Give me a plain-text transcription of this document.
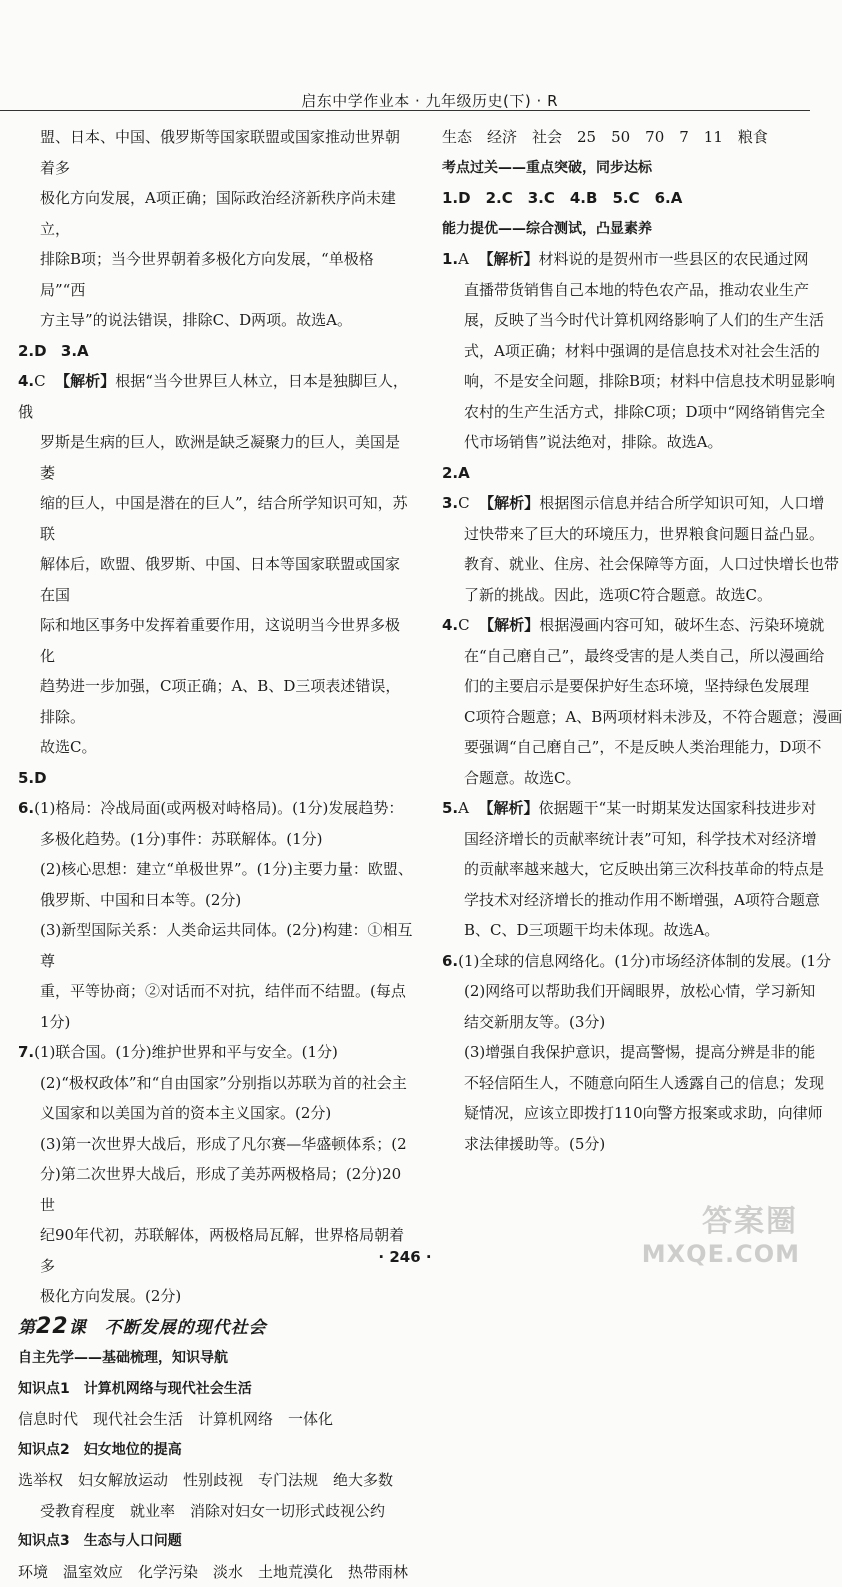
启东中学作业本 · 九年级历史(下) · R

盟、日本、中国、俄罗斯等国家联盟或国家推动世界朝着多

极化方向发展，A项正确；国际政治经济新秩序尚未建立，

排除B项；当今世界朝着多极化方向发展，“单极格局”“西

方主导”的说法错误，排除C、D两项。故选A。

2.D 3.A

4.C 【解析】根据“当今世界巨人林立，日本是独脚巨人，俄

罗斯是生病的巨人，欧洲是缺乏凝聚力的巨人，美国是萎

缩的巨人，中国是潜在的巨人”，结合所学知识可知，苏联

解体后，欧盟、俄罗斯、中国、日本等国家联盟或国家在国

际和地区事务中发挥着重要作用，这说明当今世界多极化

趋势进一步加强，C项正确；A、B、D三项表述错误，排除。

故选C。

5.D

6.(1)格局：冷战局面(或两极对峙格局)。(1分)发展趋势：

多极化趋势。(1分)事件：苏联解体。(1分)

(2)核心思想：建立“单极世界”。(1分)主要力量：欧盟、

俄罗斯、中国和日本等。(2分)

(3)新型国际关系：人类命运共同体。(2分)构建：①相互尊

重，平等协商；②对话而不对抗，结伴而不结盟。(每点1分)

7.(1)联合国。(1分)维护世界和平与安全。(1分)

(2)“极权政体”和“自由国家”分别指以苏联为首的社会主

义国家和以美国为首的资本主义国家。(2分)

(3)第一次世界大战后，形成了凡尔赛—华盛顿体系；(2

分)第二次世界大战后，形成了美苏两极格局；(2分)20世

纪90年代初，苏联解体，两极格局瓦解，世界格局朝着多

极化方向发展。(2分)

第22课　不断发展的现代社会

自主先学——基础梳理，知识导航

知识点1　计算机网络与现代社会生活

信息时代　现代社会生活　计算机网络　一体化

知识点2　妇女地位的提高

选举权　妇女解放运动　性别歧视　专门法规　绝大多数

受教育程度　就业率　消除对妇女一切形式歧视公约

知识点3　生态与人口问题

环境　温室效应　化学污染　淡水　土地荒漠化　热带雨林

生态　经济　社会　25　50　70　7　11　粮食

考点过关——重点突破，同步达标

1.D　2.C　3.C　4.B　5.C　6.A

能力提优——综合测试，凸显素养

1.A 【解析】材料说的是贺州市一些县区的农民通过网

直播带货销售自己本地的特色农产品，推动农业生产

展，反映了当今时代计算机网络影响了人们的生产生活

式，A项正确；材料中强调的是信息技术对社会生活的

响，不是安全问题，排除B项；材料中信息技术明显影响

农村的生产生活方式，排除C项；D项中“网络销售完全

代市场销售”说法绝对，排除。故选A。

2.A

3.C 【解析】根据图示信息并结合所学知识可知，人口增

过快带来了巨大的环境压力，世界粮食问题日益凸显。

教育、就业、住房、社会保障等方面，人口过快增长也带

了新的挑战。因此，选项C符合题意。故选C。

4.C 【解析】根据漫画内容可知，破坏生态、污染环境就

在“自己磨自己”，最终受害的是人类自己，所以漫画给

们的主要启示是要保护好生态环境，坚持绿色发展理

C项符合题意；A、B两项材料未涉及，不符合题意；漫画

要强调“自己磨自己”，不是反映人类治理能力，D项不

合题意。故选C。

5.A 【解析】依据题干“某一时期某发达国家科技进步对

国经济增长的贡献率统计表”可知，科学技术对经济增

的贡献率越来越大，它反映出第三次科技革命的特点是

学技术对经济增长的推动作用不断增强，A项符合题意

B、C、D三项题干均未体现。故选A。

6.(1)全球的信息网络化。(1分)市场经济体制的发展。(1分

(2)网络可以帮助我们开阔眼界，放松心情，学习新知

结交新朋友等。(3分)

(3)增强自我保护意识，提高警惕，提高分辨是非的能

不轻信陌生人，不随意向陌生人透露自己的信息；发现

疑情况，应该立即拨打110向警方报案或求助，向律师

求法律援助等。(5分)

· 246 ·
答案圈
MXQE.COM
